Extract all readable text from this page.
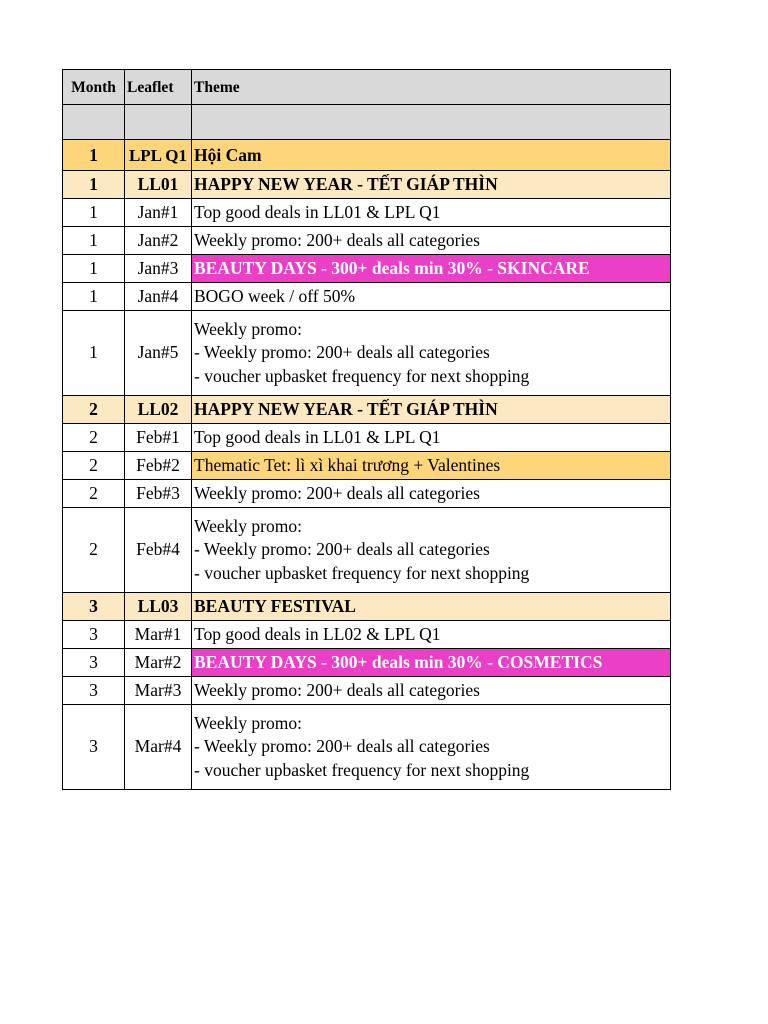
Month	Leaflet	Theme

1	LPL Q1	Hội Cam
1	LL01	HAPPY NEW YEAR - TẾT GIÁP THÌN
1	Jan#1	Top good deals in LL01 & LPL Q1
1	Jan#2	Weekly promo: 200+ deals all categories
1	Jan#3	BEAUTY DAYS - 300+ deals min 30% - SKINCARE
1	Jan#4	BOGO week / off 50%
1	Jan#5	Weekly promo:
- Weekly promo: 200+ deals all categories
- voucher upbasket frequency for next shopping

2	LL02	HAPPY NEW YEAR - TẾT GIÁP THÌN
2	Feb#1	Top good deals in LL01 & LPL Q1
2	Feb#2	Thematic Tet: lì xì khai trương + Valentines
2	Feb#3	Weekly promo: 200+ deals all categories
2	Feb#4	Weekly promo:
- Weekly promo: 200+ deals all categories
- voucher upbasket frequency for next shopping

3	LL03	BEAUTY FESTIVAL
3	Mar#1	Top good deals in LL02 & LPL Q1
3	Mar#2	BEAUTY DAYS - 300+ deals min 30% - COSMETICS
3	Mar#3	Weekly promo: 200+ deals all categories
3	Mar#4	Weekly promo:
- Weekly promo: 200+ deals all categories
- voucher upbasket frequency for next shopping
